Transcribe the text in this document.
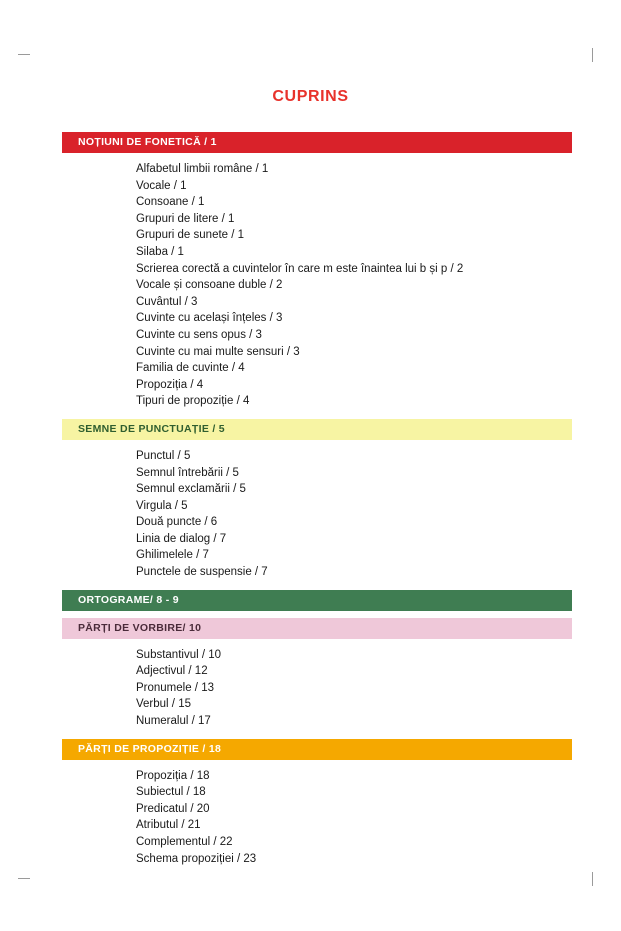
CUPRINS
NOȚIUNI DE FONETICĂ / 1
Alfabetul limbii române / 1
Vocale / 1
Consoane / 1
Grupuri de litere / 1
Grupuri de sunete / 1
Silaba / 1
Scrierea corectă a cuvintelor în care m este înaintea lui b și p / 2
Vocale și consoane duble / 2
Cuvântul / 3
Cuvinte cu același înțeles / 3
Cuvinte cu sens opus / 3
Cuvinte cu mai multe sensuri / 3
Familia de cuvinte / 4
Propoziția / 4
Tipuri de propoziție / 4
SEMNE DE PUNCTUAȚIE / 5
Punctul / 5
Semnul întrebării / 5
Semnul exclamării / 5
Virgula / 5
Două puncte / 6
Linia de dialog / 7
Ghilimelele / 7
Punctele de suspensie / 7
ORTOGRAME/ 8 - 9
PĂRȚI DE VORBIRE/ 10
Substantivul / 10
Adjectivul / 12
Pronumele / 13
Verbul / 15
Numeralul / 17
PĂRȚI DE PROPOZIȚIE / 18
Propoziția / 18
Subiectul / 18
Predicatul / 20
Atributul / 21
Complementul / 22
Schema propoziției / 23
